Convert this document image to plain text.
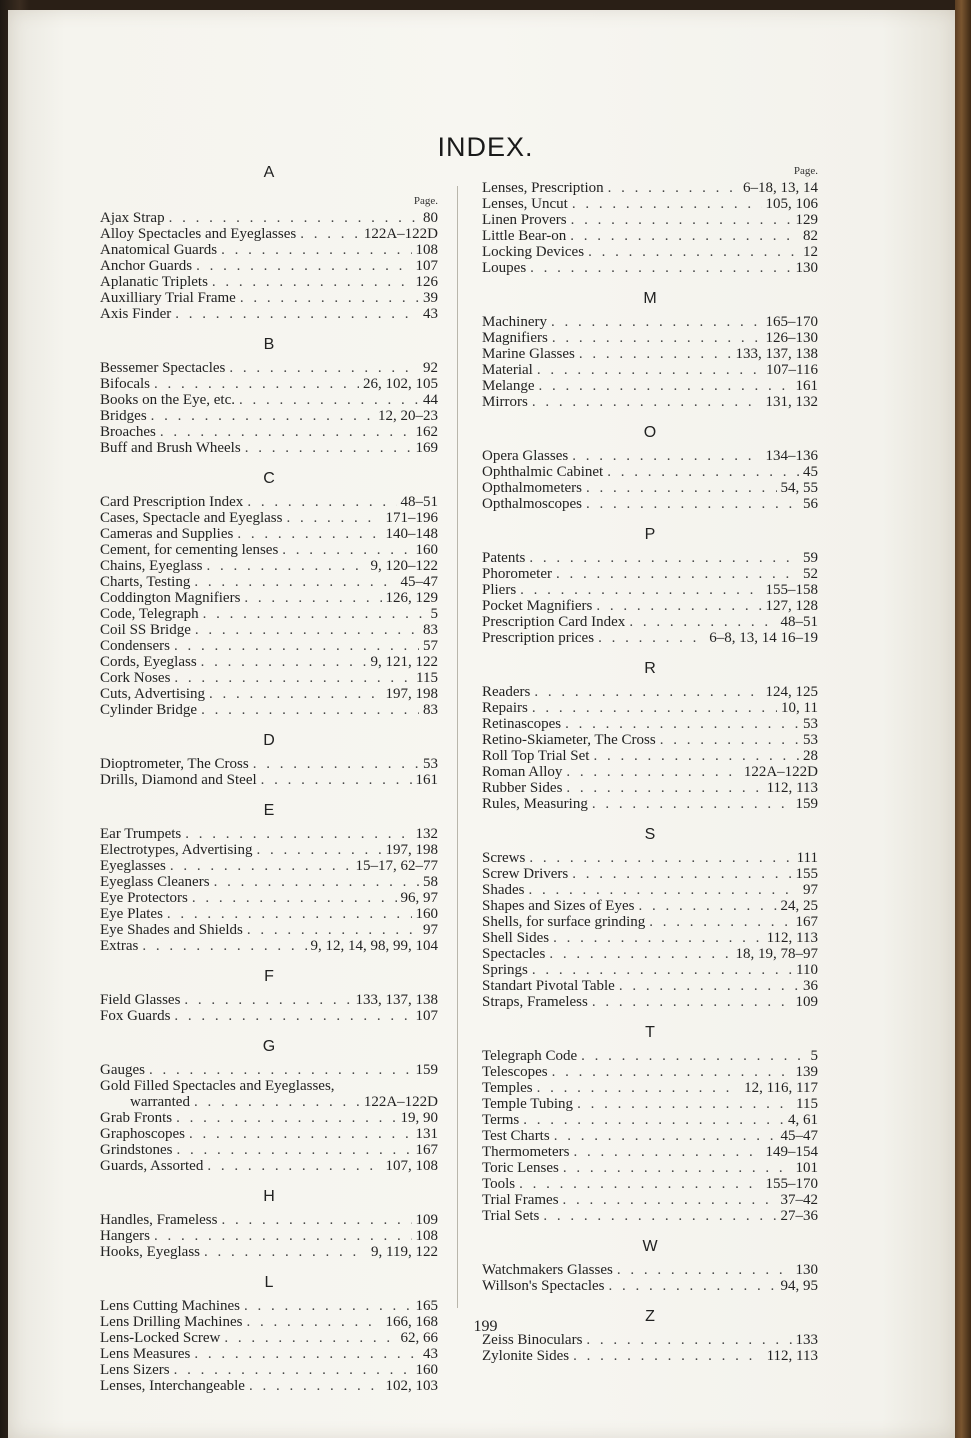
INDEX.
A
Page.
Ajax Strap . . .	80
Alloy Spectacles and Eyeglasses . . .	122A–122D
Anatomical Guards . . .	108
Anchor Guards . . .	107
Aplanatic Triplets . . .	126
Auxilliary Trial Frame . . .	39
Axis Finder . . .	43
B
Bessemer Spectacles . . .	92
Bifocals . . .	26, 102, 105
Books on the Eye, etc. . . .	44
Bridges . . .	12, 20–23
Broaches . . .	162
Buff and Brush Wheels . . .	169
C
Card Prescription Index . . .	48–51
Cases, Spectacle and Eyeglass . . .	171–196
Cameras and Supplies . . .	140–148
Cement, for cementing lenses . . .	160
Chains, Eyeglass . . .	9, 120–122
Charts, Testing . . .	45–47
Coddington Magnifiers . . .	126, 129
Code, Telegraph . . .	5
Coil SS Bridge . . .	83
Condensers . . .	57
Cords, Eyeglass . . .	9, 121, 122
Cork Noses . . .	115
Cuts, Advertising . . .	197, 198
Cylinder Bridge . . .	83
D
Dioptrometer, The Cross . . .	53
Drills, Diamond and Steel . . .	161
E
Ear Trumpets . . .	132
Electrotypes, Advertising . . .	197, 198
Eyeglasses . . .	15–17, 62–77
Eyeglass Cleaners . . .	58
Eye Protectors . . .	96, 97
Eye Plates . . .	160
Eye Shades and Shields . . .	97
Extras . . .	9, 12, 14, 98, 99, 104
F
Field Glasses . . .	133, 137, 138
Fox Guards . . .	107
G
Gauges . . .	159
Gold Filled Spectacles and Eyeglasses,
warranted . . .	122A–122D
Grab Fronts . . .	19, 90
Graphoscopes . . .	131
Grindstones . . .	167
Guards, Assorted . . .	107, 108
H
Handles, Frameless . . .	109
Hangers . . .	108
Hooks, Eyeglass . . .	9, 119, 122
L
Lens Cutting Machines . . .	165
Lens Drilling Machines . . .	166, 168
Lens-Locked Screw . . .	62, 66
Lens Measures . . .	43
Lens Sizers . . .	160
Lenses, Interchangeable . . .	102, 103
Page.
Lenses, Prescription . . .	6–18, 13, 14
Lenses, Uncut . . .	105, 106
Linen Provers . . .	129
Little Bear-on . . .	82
Locking Devices . . .	12
Loupes . . .	130
M
Machinery . . .	165–170
Magnifiers . . .	126–130
Marine Glasses . . .	133, 137, 138
Material . . .	107–116
Melange . . .	161
Mirrors . . .	131, 132
O
Opera Glasses . . .	134–136
Ophthalmic Cabinet . . .	45
Opthalmometers . . .	54, 55
Opthalmoscopes . . .	56
P
Patents . . .	59
Phorometer . . .	52
Pliers . . .	155–158
Pocket Magnifiers . . .	127, 128
Prescription Card Index . . .	48–51
Prescription prices . . .	6–8, 13, 14 16–19
R
Readers . . .	124, 125
Repairs . . .	10, 11
Retinascopes . . .	53
Retino-Skiameter, The Cross . . .	53
Roll Top Trial Set . . .	28
Roman Alloy . . .	122A–122D
Rubber Sides . . .	112, 113
Rules, Measuring . . .	159
S
Screws . . .	111
Screw Drivers . . .	155
Shades . . .	97
Shapes and Sizes of Eyes . . .	24, 25
Shells, for surface grinding . . .	167
Shell Sides . . .	112, 113
Spectacles . . .	18, 19, 78–97
Springs . . .	110
Standart Pivotal Table . . .	36
Straps, Frameless . . .	109
T
Telegraph Code . . .	5
Telescopes . . .	139
Temples . . .	12, 116, 117
Temple Tubing . . .	115
Terms . . .	4, 61
Test Charts . . .	45–47
Thermometers . . .	149–154
Toric Lenses . . .	101
Tools . . .	155–170
Trial Frames . . .	37–42
Trial Sets . . .	27–36
W
Watchmakers Glasses . . .	130
Willson's Spectacles . . .	94, 95
Z
Zeiss Binoculars . . .	133
Zylonite Sides . . .	112, 113
199
